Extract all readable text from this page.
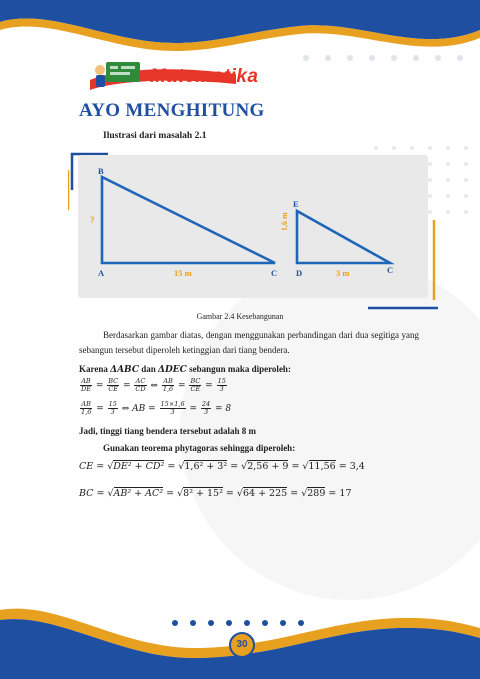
Matematika
AYO MENGHITUNG
Ilustrasi dari masalah 2.1
B
A	C
?
15 m
E
D	C
1,6 m
3 m
Gambar 2.4 Kesebangunan
Berdasarkan gambar diatas, dengan menggunakan perbandingan dari dua segitiga yang sebangun tersebut diperoleh ketinggian dari tiang bendera.
Karena ΔABC dan ΔDEC sebangun maka diperoleh:
$\frac{AB}{DE} = \frac{BC}{CE} = \frac{AC}{CD}$ ⇔ $\frac{AB}{1,6} = \frac{BC}{CE} = \frac{15}{3}$
$\frac{AB}{1,6} = \frac{15}{3}$ ⇔ AB = $\frac{15\times 1,6}{3} = \frac{24}{3} = 8$
Jadi, tinggi tiang bendera tersebut adalah 8 m
Gunakan teorema phytagoras sehingga diperoleh:
CE = √DE² + CD² = √1,6² + 3² = √2,56 + 9 = √11,56 = 3,4
BC = √AB² + AC² = √8² + 15² = √64 + 225 = √289 = 17
30
